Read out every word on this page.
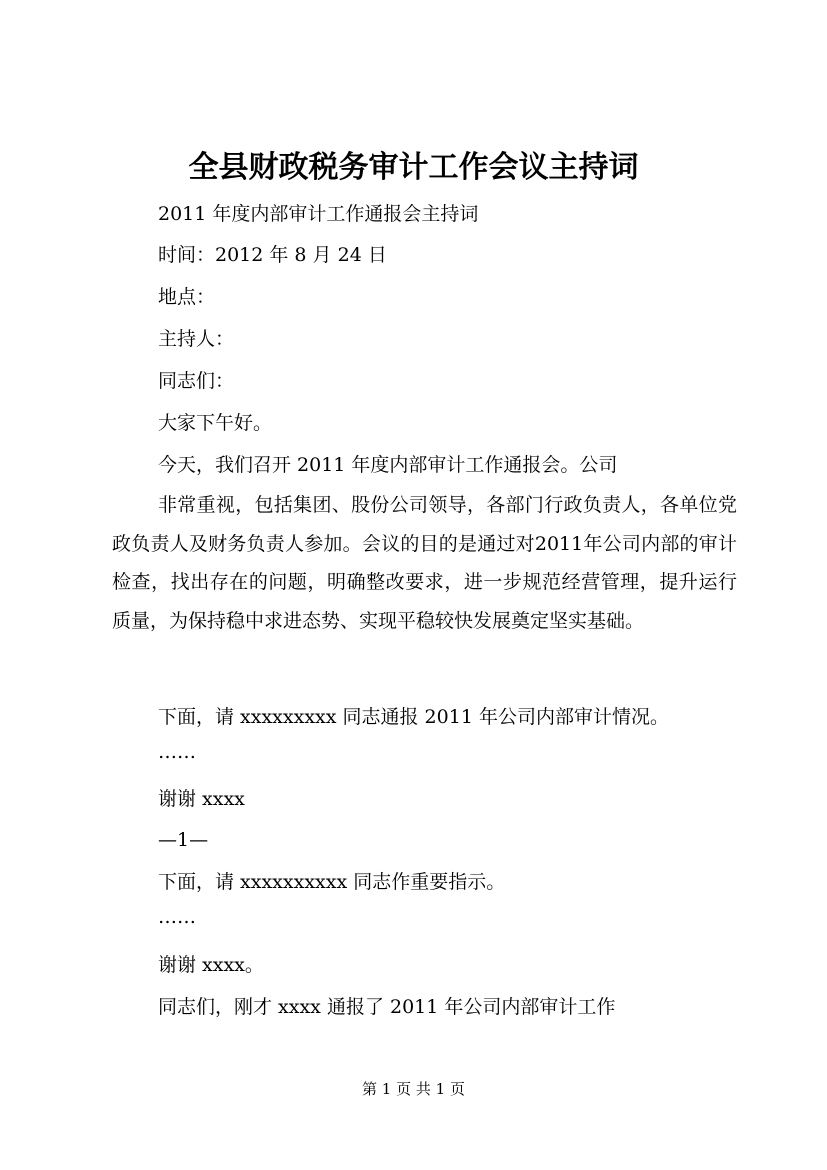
全县财政税务审计工作会议主持词
2011 年度内部审计工作通报会主持词
时间：2012 年 8 月 24 日
地点：
主持人：
同志们：
大家下午好。
今天，我们召开 2011 年度内部审计工作通报会。公司
非常重视，包括集团、股份公司领导，各部门行政负责人，各单位党政负责人及财务负责人参加。会议的目的是通过对2011年公司内部的审计检查，找出存在的问题，明确整改要求，进一步规范经营管理，提升运行质量，为保持稳中求进态势、实现平稳较快发展奠定坚实基础。
下面，请 xxxxxxxxx 同志通报 2011 年公司内部审计情况。
……
谢谢 xxxx
—1—
下面，请 xxxxxxxxxx 同志作重要指示。
……
谢谢 xxxx。
同志们，刚才 xxxx 通报了 2011 年公司内部审计工作
第 1 页 共 1 页
